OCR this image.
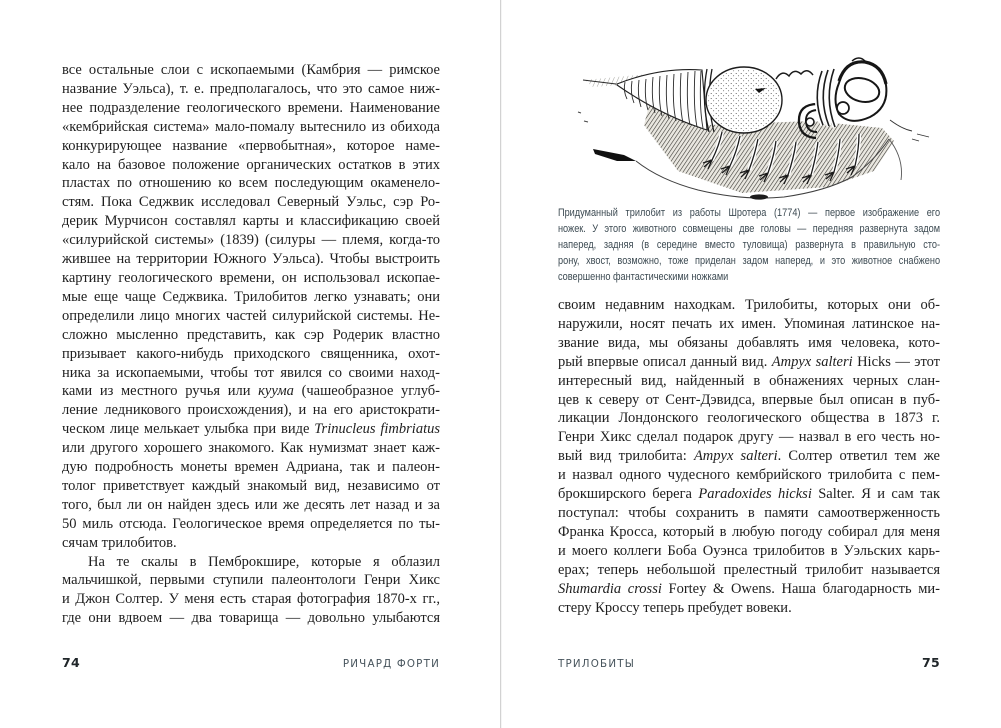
все остальные слои с ископаемыми (Камбрия — римское
название Уэльса), т. е. предполагалось, что это самое ниж-
нее подразделение геологического времени. Наименование
«кембрийская система» мало-помалу вытеснило из обихода
конкурирующее название «первобытная», которое наме-
кало на базовое положение органических остатков в этих
пластах по отношению ко всем последующим окаменело-
стям. Пока Седжвик исследовал Северный Уэльс, сэр Ро-
дерик Мурчисон составлял карты и классификацию своей
«силурийской системы» (1839) (силуры — племя, когда-то
жившее на территории Южного Уэльса). Чтобы выстроить
картину геологического времени, он использовал ископае-
мые еще чаще Седжвика. Трилобитов легко узнавать; они
определили лицо многих частей силурийской системы. Не-
сложно мысленно представить, как сэр Родерик властно
призывает какого-нибудь приходского священника, охот-
ника за ископаемыми, чтобы тот явился со своими наход-
ками из местного ручья или куума (чашеобразное углуб-
ление ледникового происхождения), и на его аристократи-
ческом лице мелькает улыбка при виде Trinucleus fimbriatus
или другого хорошего знакомого. Как нумизмат знает каж-
дую подробность монеты времен Адриана, так и палеон-
толог приветствует каждый знакомый вид, независимо от
того, был ли он найден здесь или же десять лет назад и за
50 миль отсюда. Геологическое время определяется по ты-
сячам трилобитов.
На те скалы в Пемброкшире, которые я облазил
мальчишкой, первыми ступили палеонтологи Генри Хикс
и Джон Солтер. У меня есть старая фотография 1870-х гг.,
где они вдвоем — два товарища — довольно улыбаются
74	РИЧАРД ФОРТИ
Придуманный трилобит из работы Шротера (1774) — первое изображение его
ножек. У этого животного совмещены две головы — передняя развернута задом
наперед, задняя (в середине вместо туловища) развернута в правильную сто-
рону, хвост, возможно, тоже приделан задом наперед, и это животное снабжено
совершенно фантастическими ножками
своим недавним находкам. Трилобиты, которых они об-
наружили, носят печать их имен. Упоминая латинское на-
звание вида, мы обязаны добавлять имя человека, кото-
рый впервые описал данный вид. Ampyx salteri Hicks — этот
интересный вид, найденный в обнажениях черных слан-
цев к северу от Сент-Дэвидса, впервые был описан в пуб-
ликации Лондонского геологического общества в 1873 г.
Генри Хикс сделал подарок другу — назвал в его честь но-
вый вид трилобита: Ampyx salteri. Солтер ответил тем же
и назвал одного чудесного кембрийского трилобита с пем-
брокширского берега Paradoxides hicksi Salter. Я и сам так
поступал: чтобы сохранить в памяти самоотверженность
Франка Кросса, который в любую погоду собирал для меня
и моего коллеги Боба Оуэнса трилобитов в Уэльских карь-
ерах; теперь небольшой прелестный трилобит называется
Shumardia crossi Fortey & Owens. Наша благодарность ми-
стеру Кроссу теперь пребудет вовеки.
ТРИЛОБИТЫ	75
